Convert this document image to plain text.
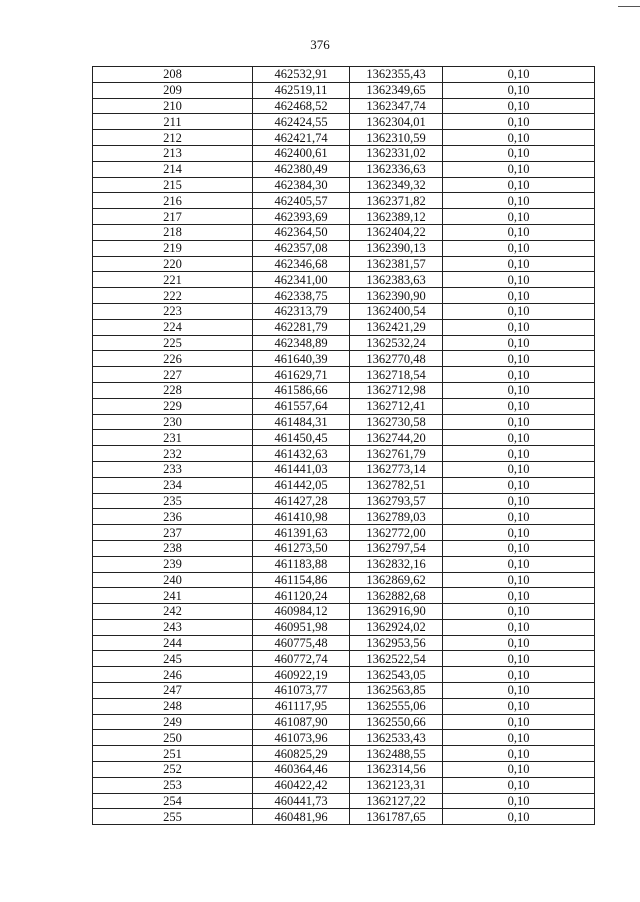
376
208	462532,91	1362355,43	0,10
209	462519,11	1362349,65	0,10
210	462468,52	1362347,74	0,10
211	462424,55	1362304,01	0,10
212	462421,74	1362310,59	0,10
213	462400,61	1362331,02	0,10
214	462380,49	1362336,63	0,10
215	462384,30	1362349,32	0,10
216	462405,57	1362371,82	0,10
217	462393,69	1362389,12	0,10
218	462364,50	1362404,22	0,10
219	462357,08	1362390,13	0,10
220	462346,68	1362381,57	0,10
221	462341,00	1362383,63	0,10
222	462338,75	1362390,90	0,10
223	462313,79	1362400,54	0,10
224	462281,79	1362421,29	0,10
225	462348,89	1362532,24	0,10
226	461640,39	1362770,48	0,10
227	461629,71	1362718,54	0,10
228	461586,66	1362712,98	0,10
229	461557,64	1362712,41	0,10
230	461484,31	1362730,58	0,10
231	461450,45	1362744,20	0,10
232	461432,63	1362761,79	0,10
233	461441,03	1362773,14	0,10
234	461442,05	1362782,51	0,10
235	461427,28	1362793,57	0,10
236	461410,98	1362789,03	0,10
237	461391,63	1362772,00	0,10
238	461273,50	1362797,54	0,10
239	461183,88	1362832,16	0,10
240	461154,86	1362869,62	0,10
241	461120,24	1362882,68	0,10
242	460984,12	1362916,90	0,10
243	460951,98	1362924,02	0,10
244	460775,48	1362953,56	0,10
245	460772,74	1362522,54	0,10
246	460922,19	1362543,05	0,10
247	461073,77	1362563,85	0,10
248	461117,95	1362555,06	0,10
249	461087,90	1362550,66	0,10
250	461073,96	1362533,43	0,10
251	460825,29	1362488,55	0,10
252	460364,46	1362314,56	0,10
253	460422,42	1362123,31	0,10
254	460441,73	1362127,22	0,10
255	460481,96	1361787,65	0,10
